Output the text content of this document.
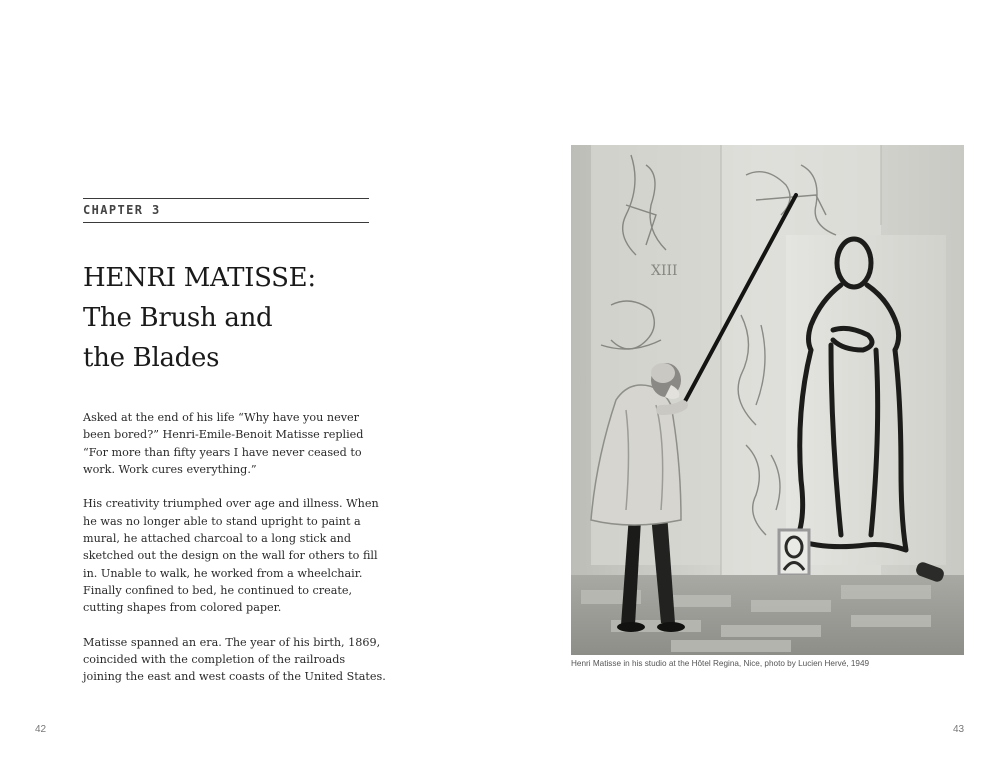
CHAPTER 3
HENRI MATISSE:
The Brush and
the Blades

Asked at the end of his life “Why have you never
been bored?” Henri-Emile-Benoit Matisse replied
“For more than fifty years I have never ceased to
work. Work cures everything.”

His creativity triumphed over age and illness. When
he was no longer able to stand upright to paint a
mural, he attached charcoal to a long stick and
sketched out the design on the wall for others to fill
in. Unable to walk, he worked from a wheelchair.
Finally confined to bed, he continued to create,
cutting shapes from colored paper.

Matisse spanned an era. The year of his birth, 1869,
coincided with the completion of the railroads
joining the east and west coasts of the United States.

42
XIII
Henri Matisse in his studio at the Hôtel Regina, Nice, photo by Lucien Hervé, 1949
43
